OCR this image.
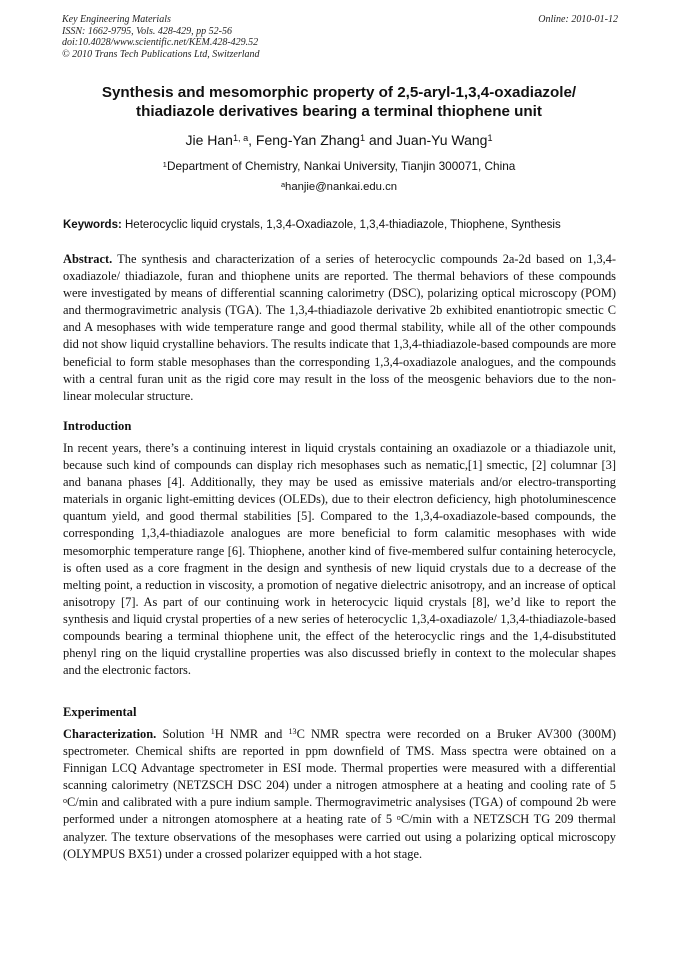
Key Engineering Materials
ISSN: 1662-9795, Vols. 428-429, pp 52-56
doi:10.4028/www.scientific.net/KEM.428-429.52
© 2010 Trans Tech Publications Ltd, Switzerland
Online: 2010-01-12
Synthesis and mesomorphic property of 2,5-aryl-1,3,4-oxadiazole/
thiadiazole derivatives bearing a terminal thiophene unit
Jie Han$^{1, a}$, Feng-Yan Zhang$^1$ and Juan-Yu Wang$^1$
$^1$Department of Chemistry, Nankai University, Tianjin 300071, China
$^a$hanjie@nankai.edu.cn
Keywords: Heterocyclic liquid crystals, 1,3,4-Oxadiazole, 1,3,4-thiadiazole, Thiophene, Synthesis
Abstract. The synthesis and characterization of a series of heterocyclic compounds 2a-2d based on 1,3,4-oxadiazole/ thiadiazole, furan and thiophene units are reported. The thermal behaviors of these compounds were investigated by means of differential scanning calorimetry (DSC), polarizing optical microscopy (POM) and thermogravimetric analysis (TGA). The 1,3,4-thiadiazole derivative 2b exhibited enantiotropic smectic C and A mesophases with wide temperature range and good thermal stability, while all of the other compounds did not show liquid crystalline behaviors. The results indicate that 1,3,4-thiadiazole-based compounds are more beneficial to form stable mesophases than the corresponding 1,3,4-oxadiazole analogues, and the compounds with a central furan unit as the rigid core may result in the loss of the meosgenic behaviors due to the non-linear molecular structure.
Introduction
In recent years, there’s a continuing interest in liquid crystals containing an oxadiazole or a thiadiazole unit, because such kind of compounds can display rich mesophases such as nematic,[1] smectic, [2] columnar [3] and banana phases [4]. Additionally, they may be used as emissive materials and/or electro-transporting materials in organic light-emitting devices (OLEDs), due to their electron deficiency, high photoluminescence quantum yield, and good thermal stabilities [5]. Compared to the 1,3,4-oxadiazole-based compounds, the corresponding 1,3,4-thiadiazole analogues are more beneficial to form calamitic mesophases with wide mesomorphic temperature range [6]. Thiophene, another kind of five-membered sulfur containing heterocycle, is often used as a core fragment in the design and synthesis of new liquid crystals due to a decrease of the melting point, a reduction in viscosity, a promotion of negative dielectric anisotropy, and an increase of optical anisotropy [7]. As part of our continuing work in heterocycic liquid crystals [8], we’d like to report the synthesis and liquid crystal properties of a new series of heterocyclic 1,3,4-oxadiazole/ 1,3,4-thiadiazole-based compounds bearing a terminal thiophene unit, the effect of the heterocyclic rings and the 1,4-disubstituted phenyl ring on the liquid crystalline properties was also discussed briefly in context to the molecular shapes and the electronic factors.
Experimental
Characterization. Solution $^1$H NMR and $^{13}$C NMR spectra were recorded on a Bruker AV300 (300M) spectrometer. Chemical shifts are reported in ppm downfield of TMS. Mass spectra were obtained on a Finnigan LCQ Advantage spectrometer in ESI mode. Thermal properties were measured with a differential scanning calorimetry (NETZSCH DSC 204) under a nitrogen atmosphere at a heating and cooling rate of 5 $^o$C/min and calibrated with a pure indium sample. Thermogravimetric analysises (TGA) of compound 2b were performed under a nitrongen atomosphere at a heating rate of 5 $^o$C/min with a NETZSCH TG 209 thermal analyzer. The texture observations of the mesophases were carried out using a polarizing optical microscopy (OLYMPUS BX51) under a crossed polarizer equipped with a hot stage.
